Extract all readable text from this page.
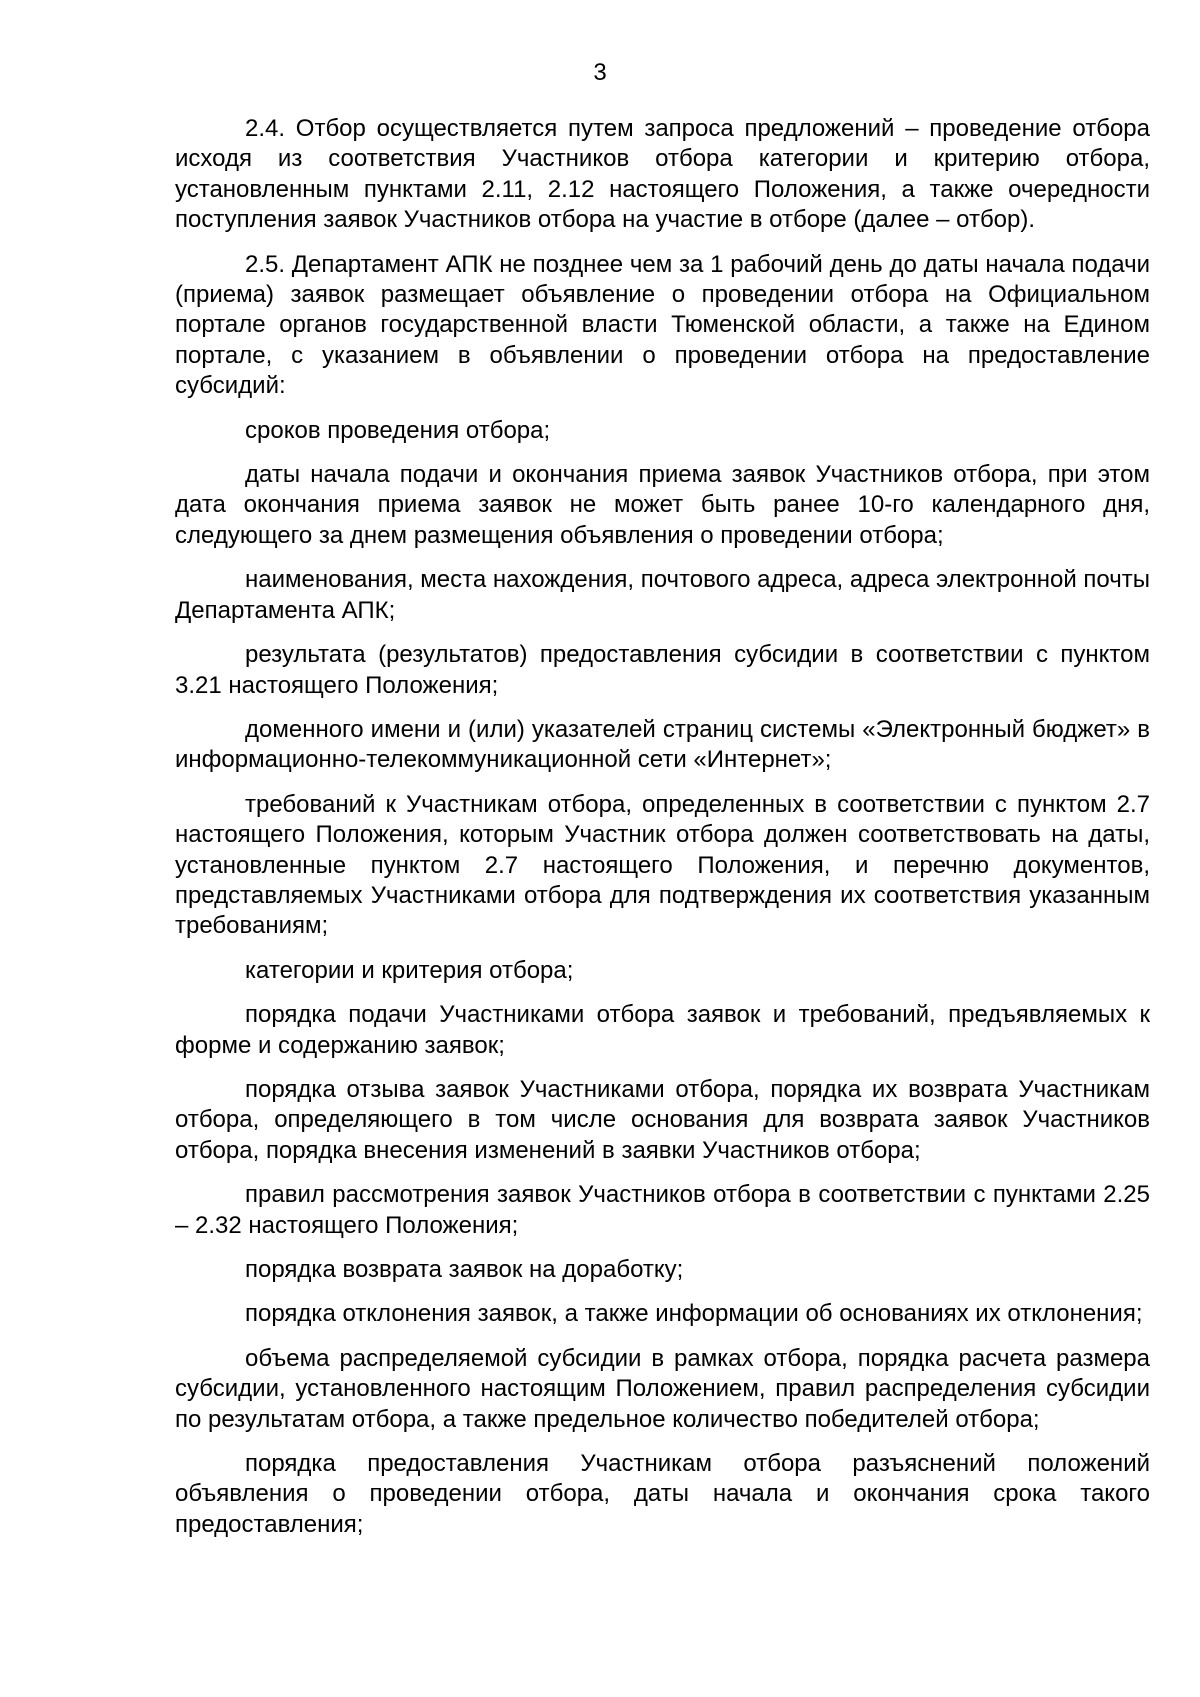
3

2.4. Отбор осуществляется путем запроса предложений – проведение отбора исходя из соответствия Участников отбора категории и критерию отбора, установленным пунктами 2.11, 2.12 настоящего Положения, а также очередности поступления заявок Участников отбора на участие в отборе (далее – отбор).

2.5. Департамент АПК не позднее чем за 1 рабочий день до даты начала подачи (приема) заявок размещает объявление о проведении отбора на Официальном портале органов государственной власти Тюменской области, а также на Едином портале, с указанием в объявлении о проведении отбора на предоставление субсидий:

сроков проведения отбора;

даты начала подачи и окончания приема заявок Участников отбора, при этом дата окончания приема заявок не может быть ранее 10-го календарного дня, следующего за днем размещения объявления о проведении отбора;

наименования, места нахождения, почтового адреса, адреса электронной почты Департамента АПК;

результата (результатов) предоставления субсидии в соответствии с пунктом 3.21 настоящего Положения;

доменного имени и (или) указателей страниц системы «Электронный бюджет» в информационно-телекоммуникационной сети «Интернет»;

требований к Участникам отбора, определенных в соответствии с пунктом 2.7 настоящего Положения, которым Участник отбора должен соответствовать на даты, установленные пунктом 2.7 настоящего Положения, и перечню документов, представляемых Участниками отбора для подтверждения их соответствия указанным требованиям;

категории и критерия отбора;

порядка подачи Участниками отбора заявок и требований, предъявляемых к форме и содержанию заявок;

порядка отзыва заявок Участниками отбора, порядка их возврата Участникам отбора, определяющего в том числе основания для возврата заявок Участников отбора, порядка внесения изменений в заявки Участников отбора;

правил рассмотрения заявок Участников отбора в соответствии с пунктами 2.25 – 2.32 настоящего Положения;

порядка возврата заявок на доработку;

порядка отклонения заявок, а также информации об основаниях их отклонения;

объема распределяемой субсидии в рамках отбора, порядка расчета размера субсидии, установленного настоящим Положением, правил распределения субсидии по результатам отбора, а также предельное количество победителей отбора;

порядка предоставления Участникам отбора разъяснений положений объявления о проведении отбора, даты начала и окончания срока такого предоставления;
